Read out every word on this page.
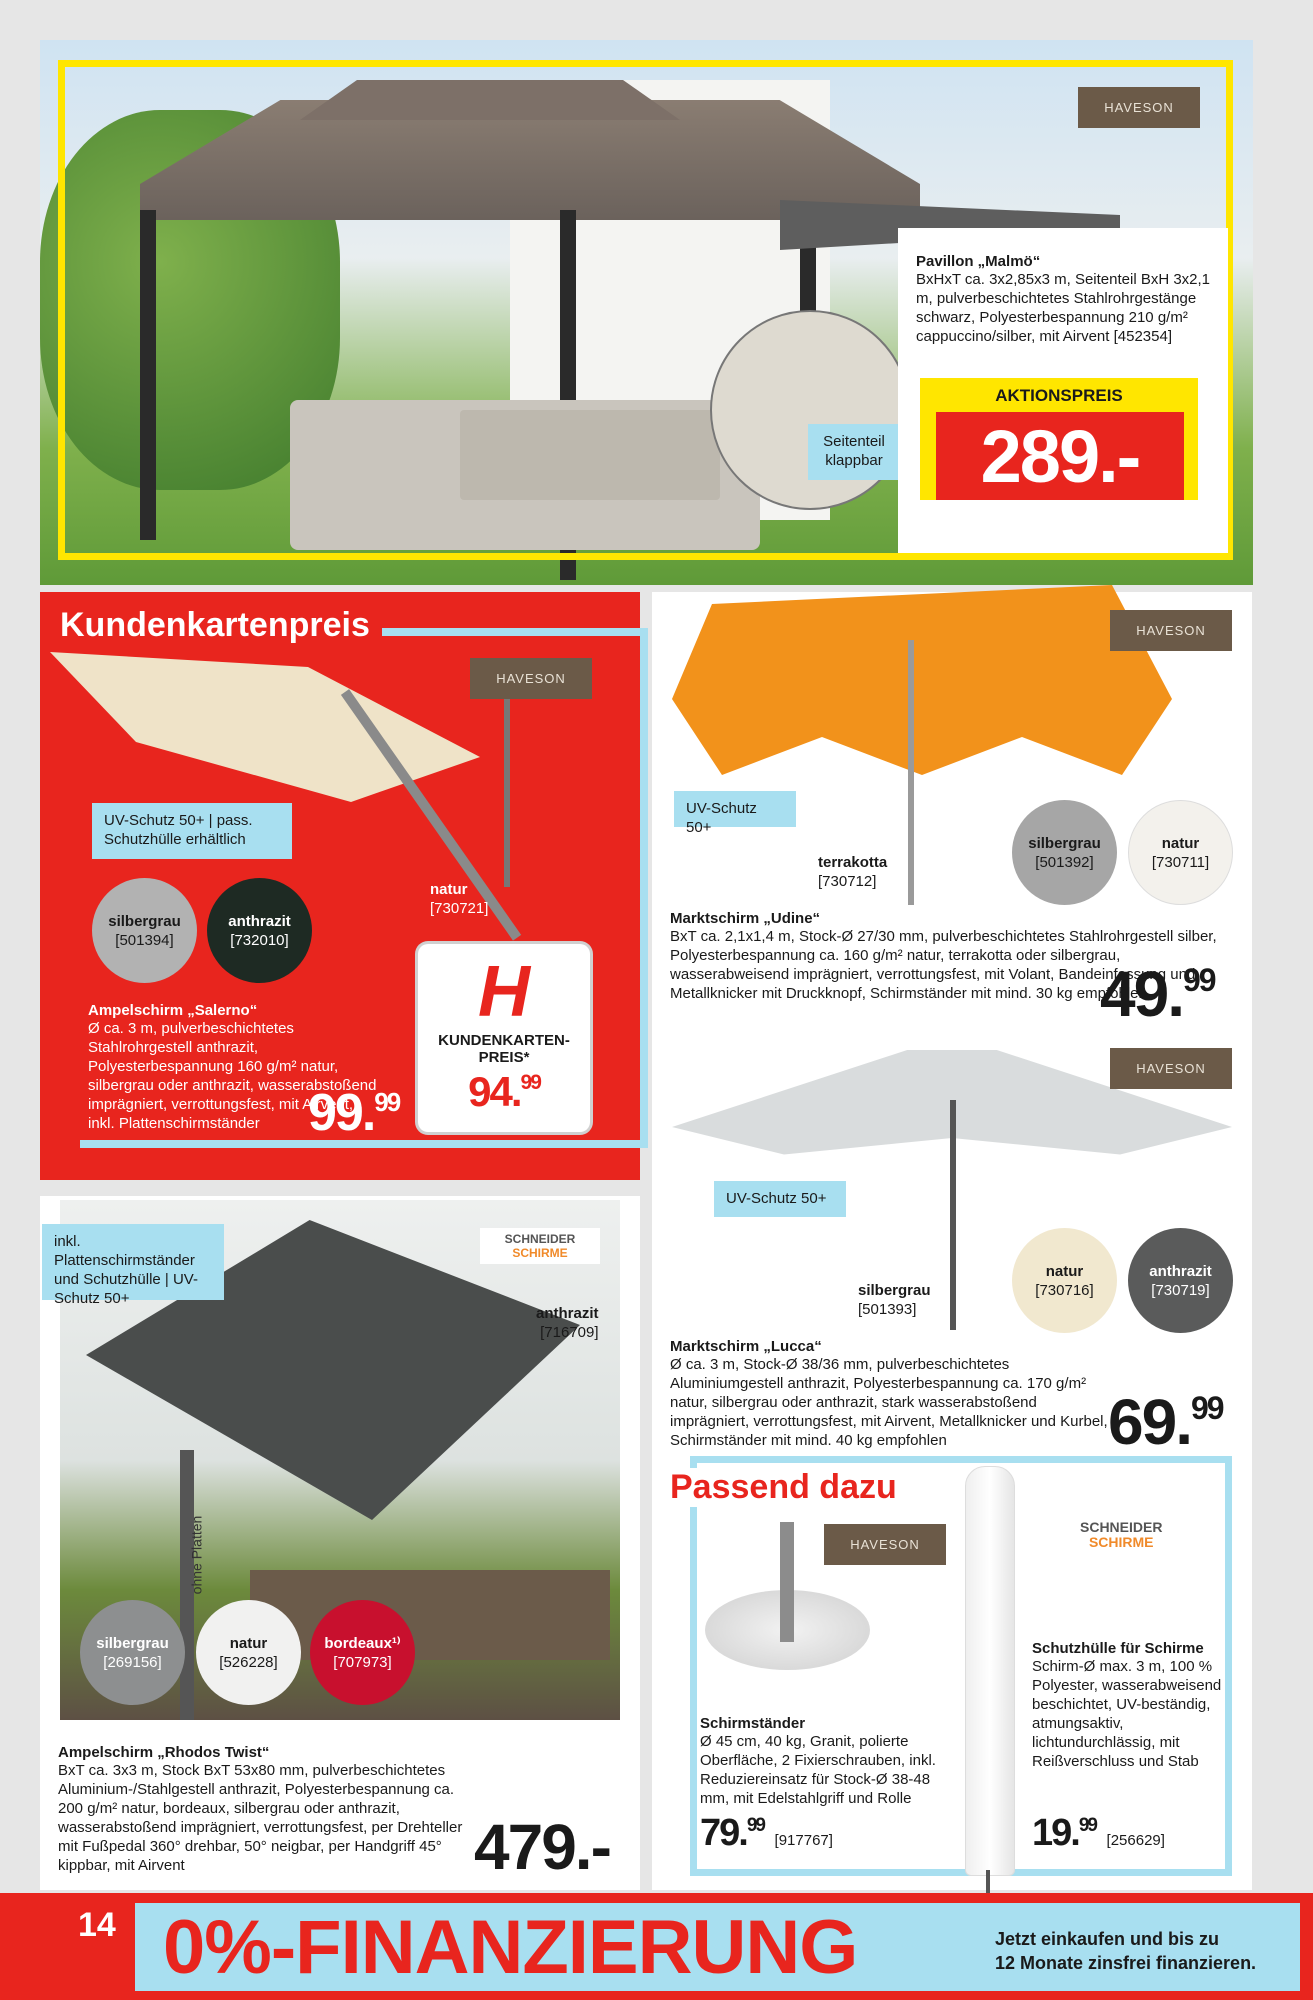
HAVESON
Seitenteil klappbar
Pavillon „Malmö“
BxHxT ca. 3x2,85x3 m, Seitenteil BxH 3x2,1 m, pulverbeschichtetes Stahlrohrgestänge schwarz, Polyesterbespannung 210 g/m² cappuccino/silber, mit Airvent [452354]
AKTIONSPREIS
289.-
Kundenkartenpreis
HAVESON
UV-Schutz 50+ | pass. Schutzhülle erhältlich
silbergrau
[501394]
anthrazit
[732010]
natur
[730721]
Ampelschirm „Salerno“
Ø ca. 3 m, pulverbeschichtetes Stahlrohrgestell anthrazit, Polyesterbespannung 160 g/m² natur, silbergrau oder anthrazit, wasserabstoßend imprägniert, verrottungsfest, mit Airvent, inkl. Plattenschirmständer 99.99
H
KUNDENKARTEN-PREIS*
94.99
HAVESON
UV-Schutz 50+
terrakotta
[730712]
silbergrau
[501392]
natur
[730711]
Marktschirm „Udine“
BxT ca. 2,1x1,4 m, Stock-Ø 27/30 mm, pulverbeschichtetes Stahlrohrgestell silber, Polyesterbespannung ca. 160 g/m² natur, terrakotta oder silbergrau, wasserabweisend imprägniert, verrottungsfest, mit Volant, Bandeinfassung und Metallknicker mit Druckknopf, Schirmständer mit mind. 30 kg empfohlen
49.99
HAVESON
UV-Schutz 50+
silbergrau
[501393]
natur
[730716]
anthrazit
[730719]
Marktschirm „Lucca“
Ø ca. 3 m, Stock-Ø 38/36 mm, pulverbeschichtetes Aluminiumgestell anthrazit, Polyesterbespannung ca. 170 g/m² natur, silbergrau oder anthrazit, stark wasserabstoßend imprägniert, verrottungsfest, mit Airvent, Metallknicker und Kurbel, Schirmständer mit mind. 40 kg empfohlen	69.99
Passend dazu
HAVESON
SCHNEIDER
SCHIRME
Schirmständer
Ø 45 cm, 40 kg, Granit, polierte Oberfläche, 2 Fixierschrauben, inkl. Reduziereinsatz für Stock-Ø 38-48 mm, mit Edelstahlgriff und Rolle
79.99 [917767]
Schutzhülle für Schirme
Schirm-Ø max. 3 m, 100 % Polyester, wasserabweisend beschichtet, UV-beständig, atmungsaktiv, lichtundurchlässig, mit Reißverschluss und Stab
19.99 [256629]
ohne Platten
inkl. Plattenschirmständer und Schutzhülle | UV-Schutz 50+
SCHNEIDER
SCHIRME
anthrazit
[716709]
silbergrau
[269156]
natur
[526228]
bordeaux¹⁾
[707973]
Ampelschirm „Rhodos Twist“
BxT ca. 3x3 m, Stock BxT 53x80 mm, pulverbeschichtetes Aluminium-/Stahlgestell anthrazit, Polyesterbespannung ca. 200 g/m² natur, bordeaux, silbergrau oder anthrazit, wasserabstoßend imprägniert, verrottungsfest, per Drehteller mit Fußpedal 360° drehbar, 50° neigbar, per Handgriff 45° kippbar, mit Airvent	479.-
14 0%-FINANZIERUNG	Jetzt einkaufen und bis zu
12 Monate zinsfrei finanzieren.
